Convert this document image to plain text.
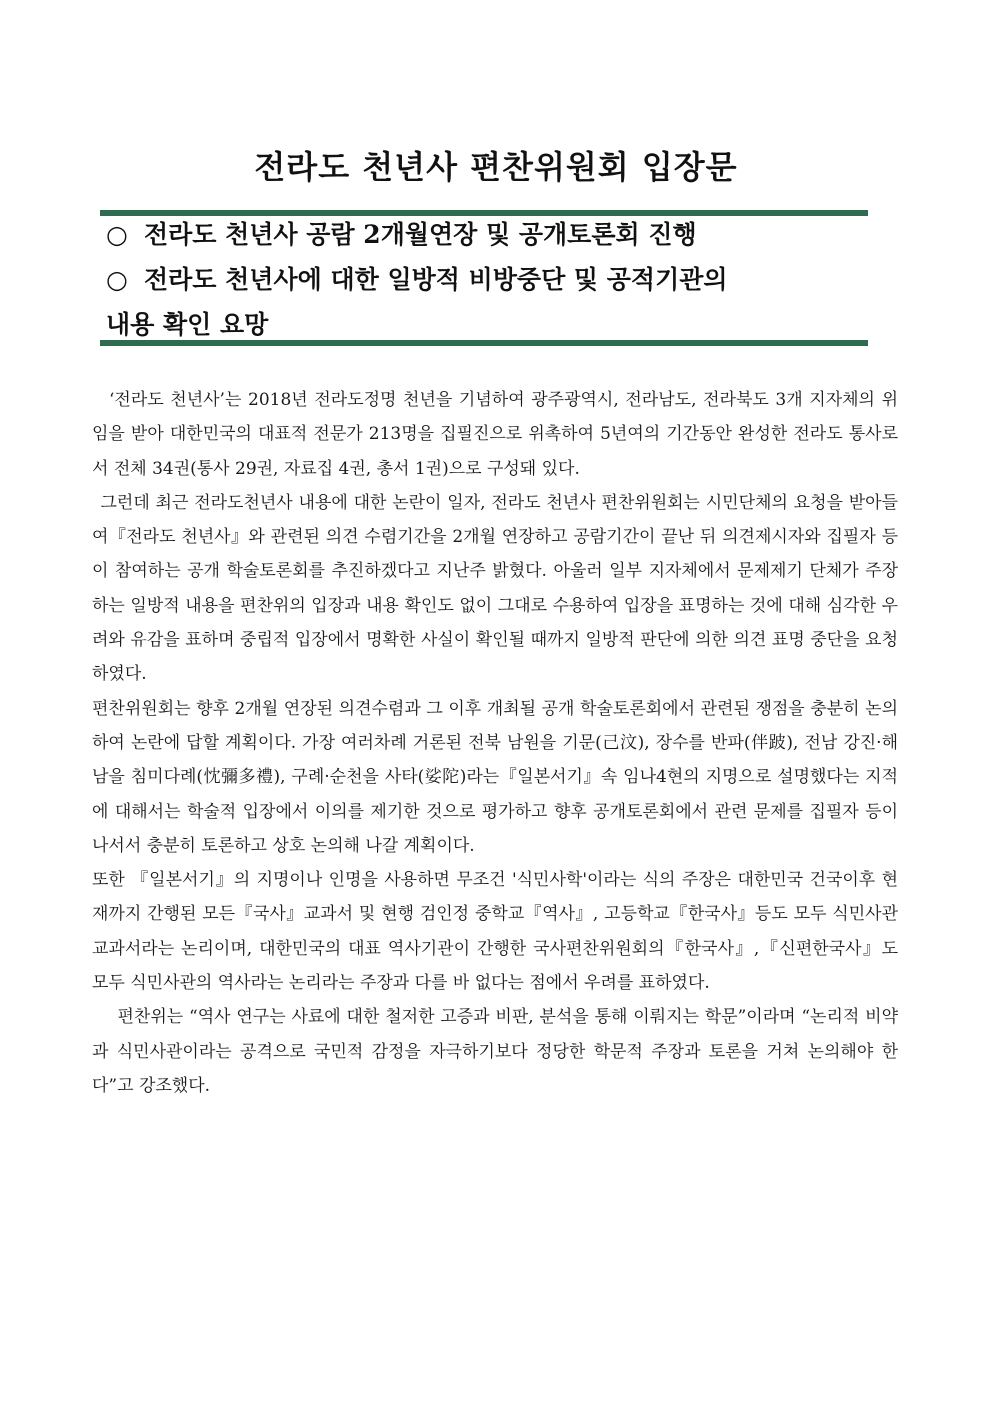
전라도 천년사 편찬위원회 입장문
○ 전라도 천년사 공람 2개월연장 및 공개토론회 진행
○ 전라도 천년사에 대한 일방적 비방중단 및 공적기관의
내용 확인 요망

‘전라도 천년사’는 2018년 전라도정명 천년을 기념하여 광주광역시, 전라남도, 전라북도 3개 지자체의 위임을 받아 대한민국의 대표적 전문가 213명을 집필진으로 위촉하여 5년여의 기간동안 완성한 전라도 통사로서 전체 34권(통사 29권, 자료집 4권, 총서 1권)으로 구성돼 있다.

그런데 최근 전라도천년사 내용에 대한 논란이 일자, 전라도 천년사 편찬위원회는 시민단체의 요청을 받아들여『전라도 천년사』와 관련된 의견 수렴기간을 2개월 연장하고 공람기간이 끝난 뒤 의견제시자와 집필자 등이 참여하는 공개 학술토론회를 추진하겠다고 지난주 밝혔다. 아울러 일부 지자체에서 문제제기 단체가 주장하는 일방적 내용을 편찬위의 입장과 내용 확인도 없이 그대로 수용하여 입장을 표명하는 것에 대해 심각한 우려와 유감을 표하며 중립적 입장에서 명확한 사실이 확인될 때까지 일방적 판단에 의한 의견 표명 중단을 요청하였다.

편찬위원회는 향후 2개월 연장된 의견수렴과 그 이후 개최될 공개 학술토론회에서 관련된 쟁점을 충분히 논의하여 논란에 답할 계획이다. 가장 여러차례 거론된 전북 남원을 기문(己汶), 장수를 반파(伴跛), 전남 강진·해남을 침미다례(忱彌多禮), 구례·순천을 사타(娑陀)라는『일본서기』속 임나4현의 지명으로 설명했다는 지적에 대해서는 학술적 입장에서 이의를 제기한 것으로 평가하고 향후 공개토론회에서 관련 문제를 집필자 등이 나서서 충분히 토론하고 상호 논의해 나갈 계획이다.

또한 『일본서기』의 지명이나 인명을 사용하면 무조건 '식민사학'이라는 식의 주장은 대한민국 건국이후 현재까지 간행된 모든『국사』교과서 및 현행 검인정 중학교『역사』, 고등학교『한국사』등도 모두 식민사관 교과서라는 논리이며, 대한민국의 대표 역사기관이 간행한 국사편찬위원회의『한국사』,『신편한국사』도 모두 식민사관의 역사라는 논리라는 주장과 다를 바 없다는 점에서 우려를 표하였다.

편찬위는 “역사 연구는 사료에 대한 철저한 고증과 비판, 분석을 통해 이뤄지는 학문”이라며 “논리적 비약과 식민사관이라는 공격으로 국민적 감정을 자극하기보다 정당한 학문적 주장과 토론을 거쳐 논의해야 한다”고 강조했다.
